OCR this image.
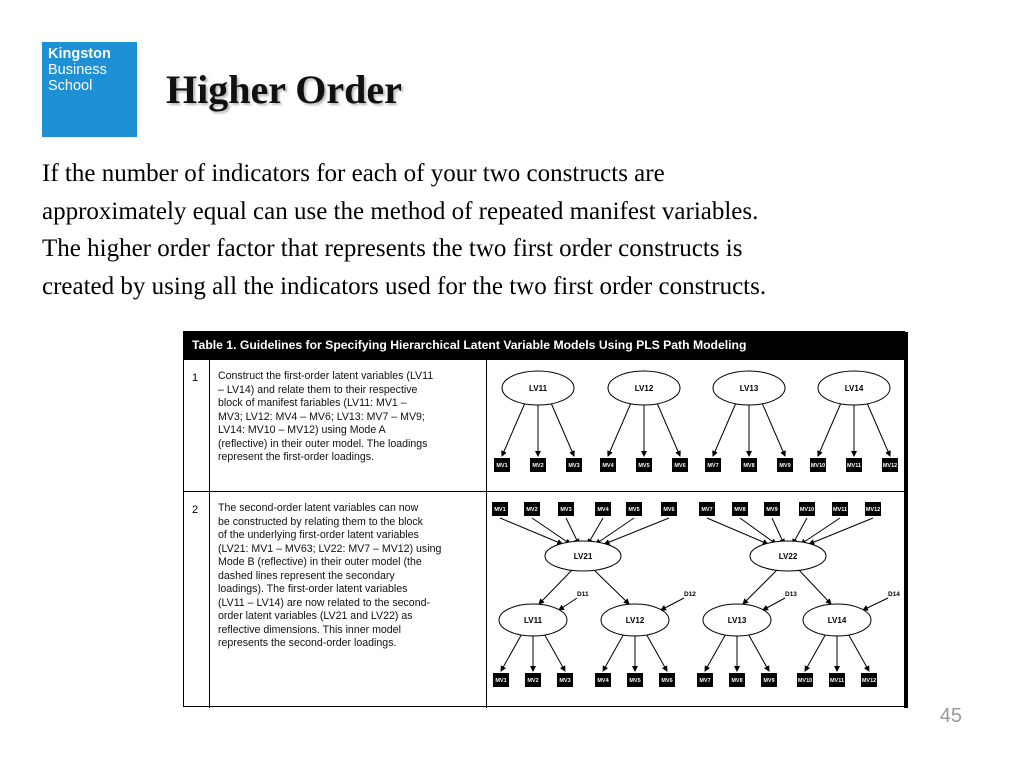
Kingston
Business
School	Higher Order

If the number of indicators for each of your two constructs are
approximately equal can use the method of repeated manifest variables.
The higher order factor that represents the two first order constructs is
created by using all the indicators used for the two first order constructs.

Table 1. Guidelines for Specifying Hierarchical Latent Variable Models Using PLS Path Modeling
1	Construct the first-order latent variables (LV11
– LV14) and relate them to their respective
block of manifest fariables (LV11: MV1 –
MV3; LV12: MV4 – MV6; LV13: MV7 – MV9;
LV14: MV10 – MV12) using Mode A
(reflective) in their outer model. The loadings
represent the first-order loadings.
LV11
MV1	MV2	MV3
LV12
MV4	MV5	MV6
LV13
MV7	MV8	MV9
LV14
MV10	MV11	MV12
2	The second-order latent variables can now
be constructed by relating them to the block
of the underlying first-order latent variables
(LV21: MV1 – MV63; LV22: MV7 – MV12) using
Mode B (reflective) in their outer model (the
dashed lines represent the secondary
loadings). The first-order latent variables
(LV11 – LV14) are now related to the second-
order latent variables (LV21 and LV22) as
reflective dimensions. This inner model
represents the second-order loadings.
MV1	MV2	MV3	MV4	MV5	MV6	MV7	MV8	MV9	MV10	MV11	MV12
LV21	LV22
D11	D12	D13	D14
LV11	LV12	LV13	LV14
MV1	MV2	MV3	MV4	MV5	MV6	MV7	MV8	MV9	MV10	MV11	MV12
45
